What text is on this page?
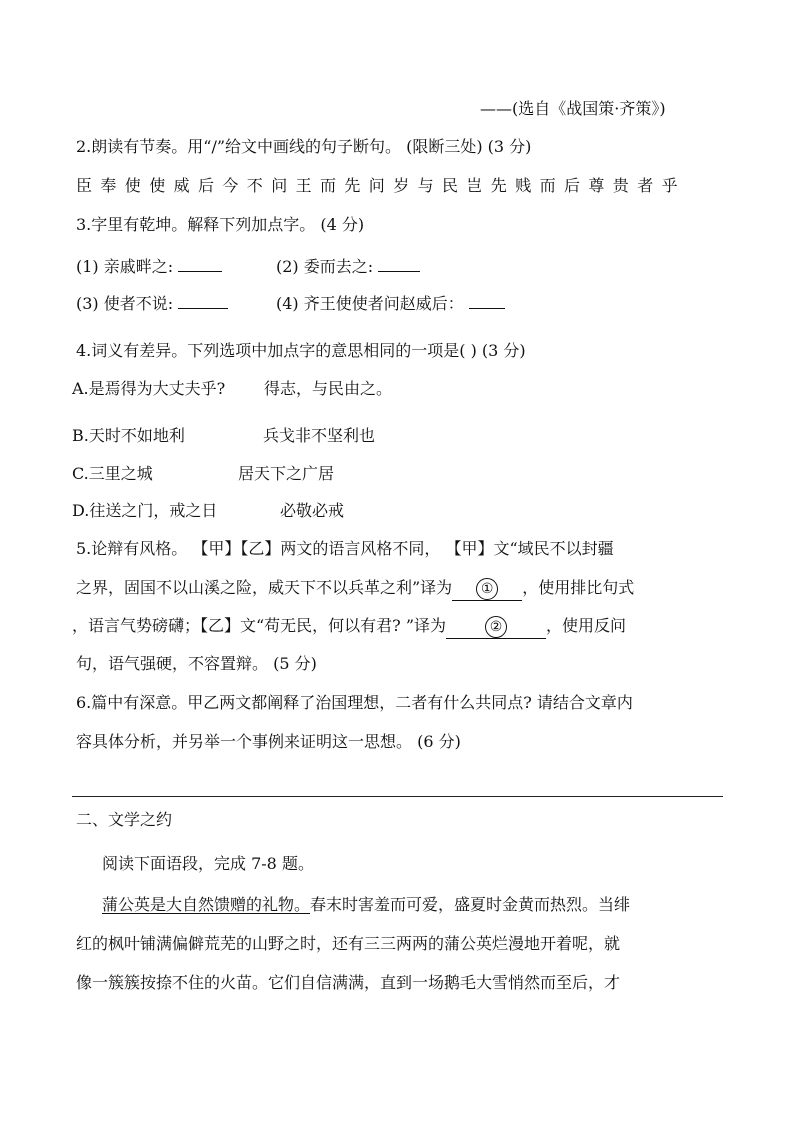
——(选自《战国策·齐策》)
2.朗读有节奏。用“/”给文中画线的句子断句。 (限断三处) (3 分)
臣奉使使威后今不问王而先问岁与民岂先贱而后尊贵者乎
3.字里有乾坤。解释下列加点字。 (4 分)
(1) 亲戚畔之:	(2) 委而去之:
(3) 使者不说:	(4) 齐王使使者问赵威后：
4.词义有差异。下列选项中加点字的意思相同的一项是( ) (3 分)
A.是焉得为大丈夫乎? 得志，与民由之。
B.天时不如地利	兵戈非不坚利也
C.三里之城	居天下之广居
D.往送之门，戒之日	必敬必戒
5.论辩有风格。 【甲】【乙】两文的语言风格不同， 【甲】文“域民不以封疆
之界，固国不以山溪之险，威天下不以兵革之利”译为 ① ，使用排比句式
，语言气势磅礴；【乙】文“苟无民，何以有君? ”译为	②	，使用反问
句，语气强硬，不容置辩。 (5 分)
6.篇中有深意。甲乙两文都阐释了治国理想，二者有什么共同点? 请结合文章内
容具体分析，并另举一个事例来证明这一思想。 (6 分)
二、文学之约
阅读下面语段，完成 7-8 题。
蒲公英是大自然馈赠的礼物。春末时害羞而可爱，盛夏时金黄而热烈。当绯
红的枫叶铺满偏僻荒芜的山野之时，还有三三两两的蒲公英烂漫地开着呢，就
像一簇簇按捺不住的火苗。它们自信满满，直到一场鹅毛大雪悄然而至后，才
